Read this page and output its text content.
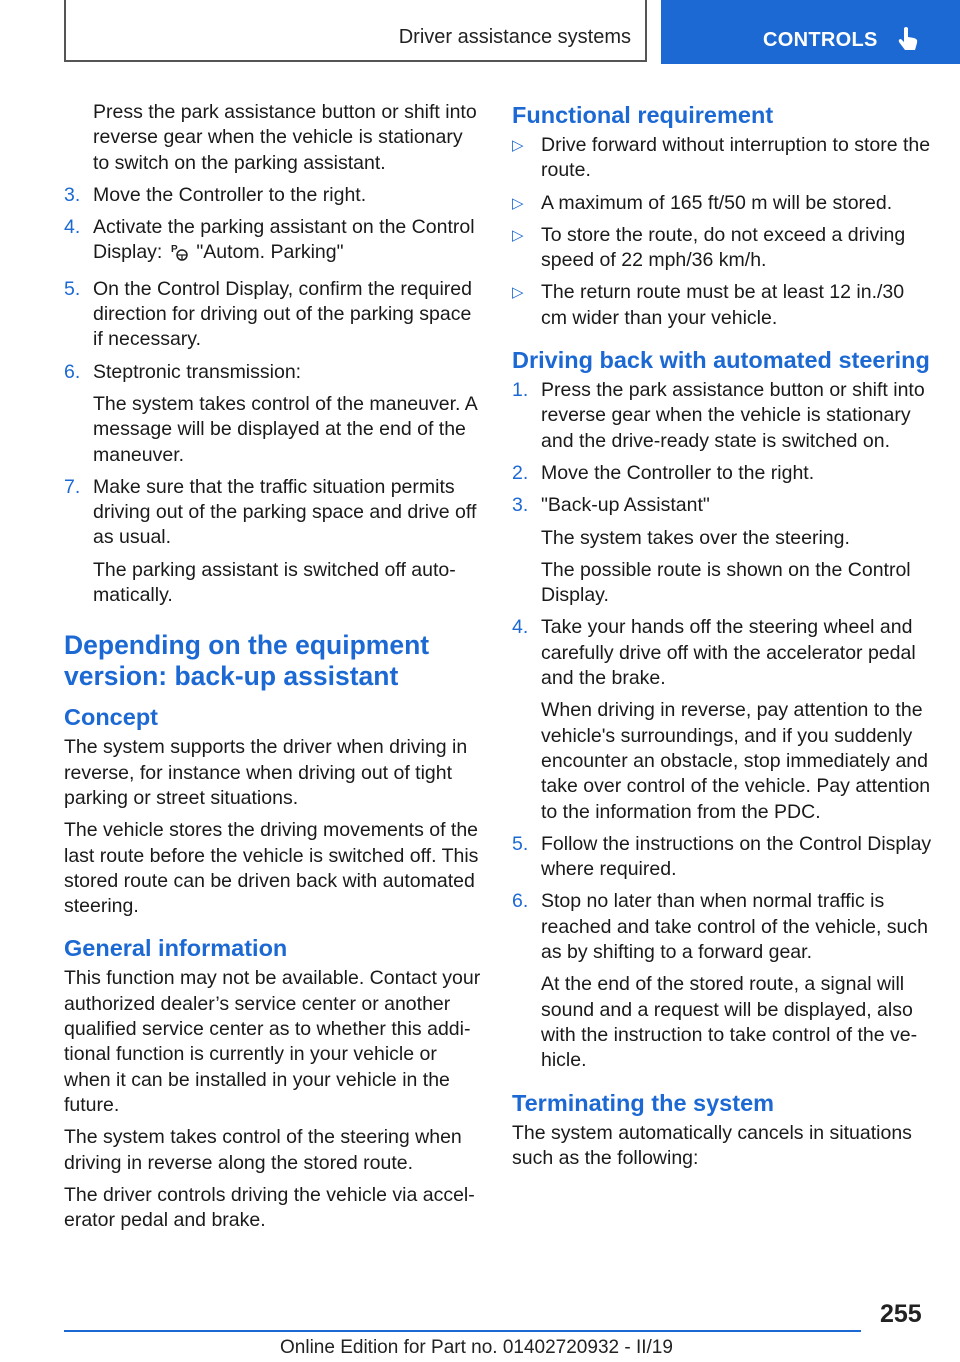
Driver assistance systems	CONTROLS

Press the park assistance button or shift into reverse gear when the vehicle is stationary to switch on the parking assistant.

3. Move the Controller to the right.

4. Activate the parking assistant on the Control Display: P "Autom. Parking"

5. On the Control Display, confirm the required direction for driving out of the parking space if necessary.

6. Steptronic transmission:

The system takes control of the maneuver. A message will be displayed at the end of the maneuver.

7. Make sure that the traffic situation permits driving out of the parking space and drive off as usual.

The parking assistant is switched off auto-matically.

Depending on the equipment version: back-up assistant
Concept

The system supports the driver when driving in reverse, for instance when driving out of tight parking or street situations.

The vehicle stores the driving movements of the last route before the vehicle is switched off. This stored route can be driven back with automated steering.

General information

This function may not be available. Contact your authorized dealer’s service center or another qualified service center as to whether this addi-tional function is currently in your vehicle or when it can be installed in your vehicle in the future.

The system takes control of the steering when driving in reverse along the stored route.

The driver controls driving the vehicle via accel-erator pedal and brake.

Functional requirement
▷ Drive forward without interruption to store the route.

▷ A maximum of 165 ft/50 m will be stored.

▷ To store the route, do not exceed a driving speed of 22 mph/36 km/h.

▷ The return route must be at least 12 in./30 cm wider than your vehicle.

Driving back with automated steering
1. Press the park assistance button or shift into reverse gear when the vehicle is stationary and the drive-ready state is switched on.

2. Move the Controller to the right.

3. "Back-up Assistant"

The system takes over the steering.

The possible route is shown on the Control Display.

4. Take your hands off the steering wheel and carefully drive off with the accelerator pedal and the brake.

When driving in reverse, pay attention to the vehicle's surroundings, and if you suddenly encounter an obstacle, stop immediately and take over control of the vehicle. Pay attention to the information from the PDC.

5. Follow the instructions on the Control Display where required.

6. Stop no later than when normal traffic is reached and take control of the vehicle, such as by shifting to a forward gear.

At the end of the stored route, a signal will sound and a request will be displayed, also with the instruction to take control of the ve-hicle.

Terminating the system

The system automatically cancels in situations such as the following:

255
Online Edition for Part no. 01402720932 - II/19
